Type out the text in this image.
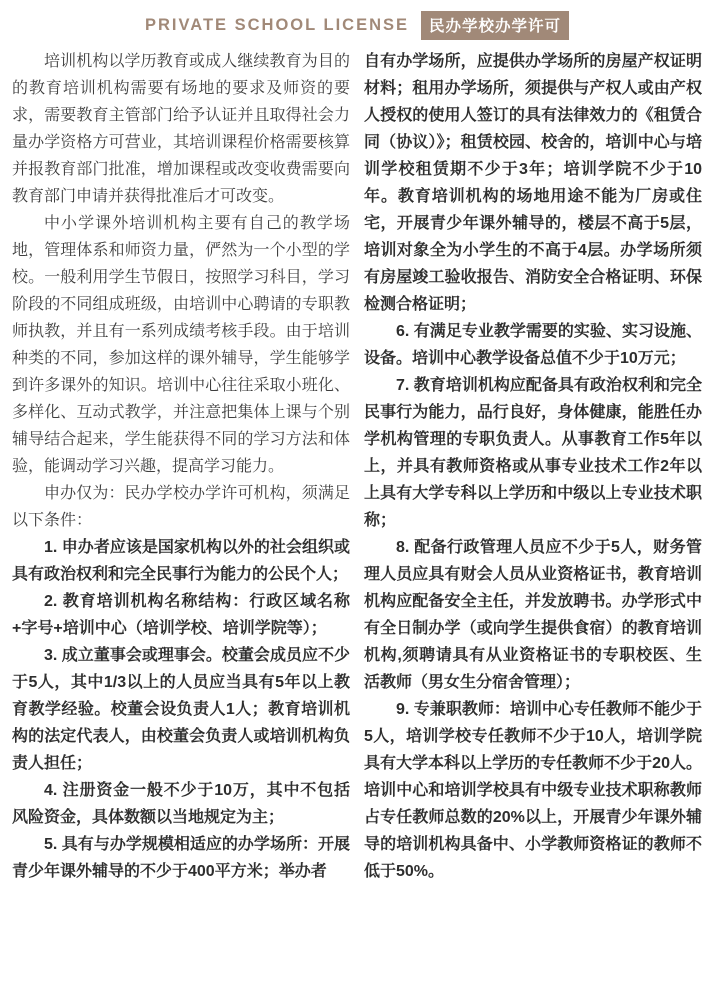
PRIVATE SCHOOL LICENSE	民办学校办学许可

培训机构以学历教育或成人继续教育为目的的教育培训机构需要有场地的要求及师资的要求，需要教育主管部门给予认证并且取得社会力量办学资格方可营业，其培训课程价格需要核算并报教育部门批准，增加课程或改变收费需要向教育部门申请并获得批准后才可改变。

中小学课外培训机构主要有自己的教学场地，管理体系和师资力量，俨然为一个小型的学校。一般利用学生节假日，按照学习科目，学习阶段的不同组成班级，由培训中心聘请的专职教师执教，并且有一系列成绩考核手段。由于培训种类的不同，参加这样的课外辅导，学生能够学到许多课外的知识。培训中心往往采取小班化、多样化、互动式教学，并注意把集体上课与个别辅导结合起来，学生能获得不同的学习方法和体验，能调动学习兴趣，提高学习能力。

申办仅为：民办学校办学许可机构，须满足以下条件：

1. 申办者应该是国家机构以外的社会组织或具有政治权利和完全民事行为能力的公民个人；

2. 教育培训机构名称结构：行政区域名称+字号+培训中心（培训学校、培训学院等）；

3. 成立董事会或理事会。校董会成员应不少于5人，其中1/3以上的人员应当具有5年以上教育教学经验。校董会设负责人1人；教育培训机构的法定代表人，由校董会负责人或培训机构负责人担任；

4. 注册资金一般不少于10万，其中不包括风险资金，具体数额以当地规定为主；

5. 具有与办学规模相适应的办学场所：开展青少年课外辅导的不少于400平方米；举办者

自有办学场所，应提供办学场所的房屋产权证明材料；租用办学场所，须提供与产权人或由产权人授权的使用人签订的具有法律效力的《租赁合同（协议）》；租赁校园、校舍的，培训中心与培训学校租赁期不少于3年；培训学院不少于10年。教育培训机构的场地用途不能为厂房或住宅，开展青少年课外辅导的，楼层不高于5层，培训对象全为小学生的不高于4层。办学场所须有房屋竣工验收报告、消防安全合格证明、环保检测合格证明；

6. 有满足专业教学需要的实验、实习设施、设备。培训中心教学设备总值不少于10万元；

7. 教育培训机构应配备具有政治权利和完全民事行为能力，品行良好，身体健康，能胜任办学机构管理的专职负责人。从事教育工作5年以上，并具有教师资格或从事专业技术工作2年以上具有大学专科以上学历和中级以上专业技术职称；

8. 配备行政管理人员应不少于5人，财务管理人员应具有财会人员从业资格证书，教育培训机构应配备安全主任，并发放聘书。办学形式中有全日制办学（或向学生提供食宿）的教育培训机构,须聘请具有从业资格证书的专职校医、生活教师（男女生分宿舍管理）；

9. 专兼职教师：培训中心专任教师不能少于5人，培训学校专任教师不少于10人，培训学院具有大学本科以上学历的专任教师不少于20人。培训中心和培训学校具有中级专业技术职称教师占专任教师总数的20%以上，开展青少年课外辅导的培训机构具备中、小学教师资格证的教师不低于50%。
